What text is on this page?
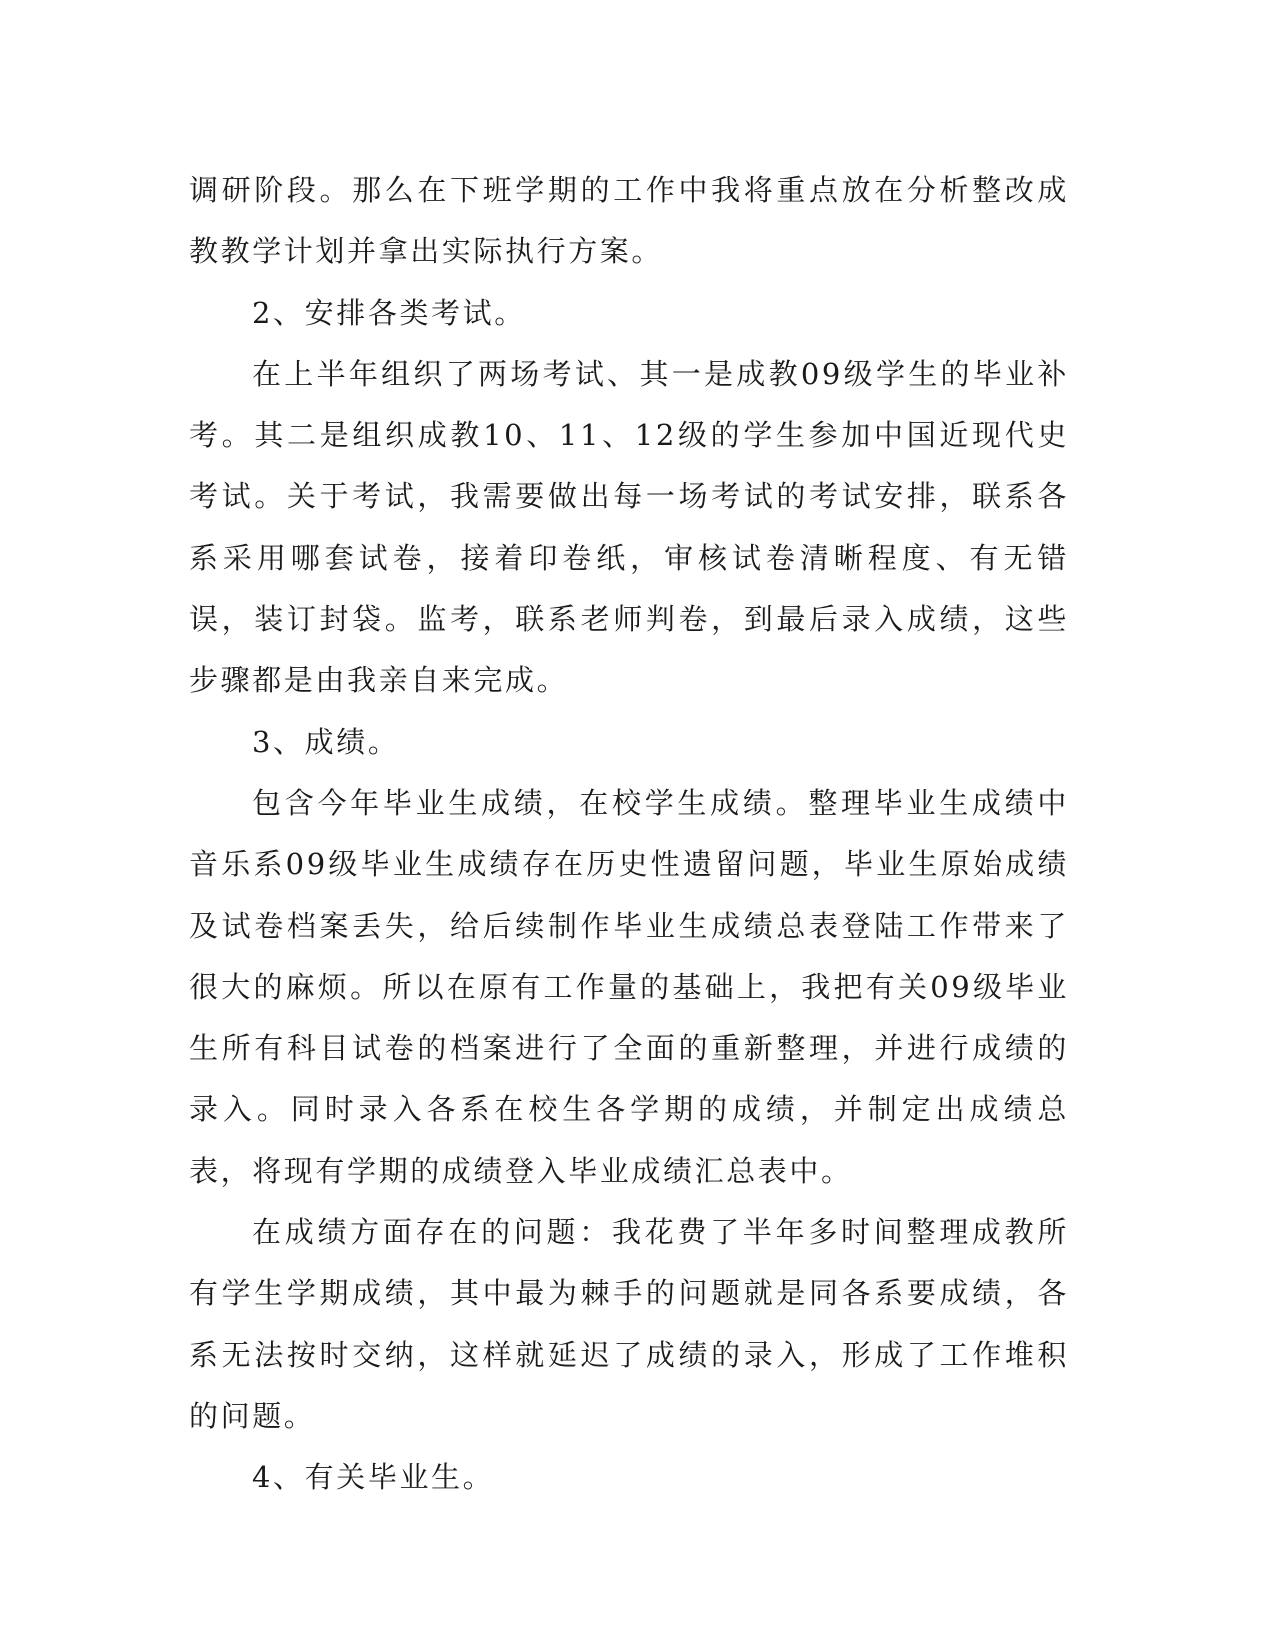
调研阶段。那么在下班学期的工作中我将重点放在分析整改成教教学计划并拿出实际执行方案。

2、安排各类考试。

在上半年组织了两场考试、其一是成教09级学生的毕业补考。其二是组织成教10、11、12级的学生参加中国近现代史考试。关于考试，我需要做出每一场考试的考试安排，联系各系采用哪套试卷，接着印卷纸，审核试卷清晰程度、有无错误，装订封袋。监考，联系老师判卷，到最后录入成绩，这些步骤都是由我亲自来完成。

3、成绩。

包含今年毕业生成绩，在校学生成绩。整理毕业生成绩中音乐系09级毕业生成绩存在历史性遗留问题，毕业生原始成绩及试卷档案丢失，给后续制作毕业生成绩总表登陆工作带来了很大的麻烦。所以在原有工作量的基础上，我把有关09级毕业生所有科目试卷的档案进行了全面的重新整理，并进行成绩的录入。同时录入各系在校生各学期的成绩，并制定出成绩总表，将现有学期的成绩登入毕业成绩汇总表中。

在成绩方面存在的问题：我花费了半年多时间整理成教所有学生学期成绩，其中最为棘手的问题就是同各系要成绩，各系无法按时交纳，这样就延迟了成绩的录入，形成了工作堆积的问题。

4、有关毕业生。
